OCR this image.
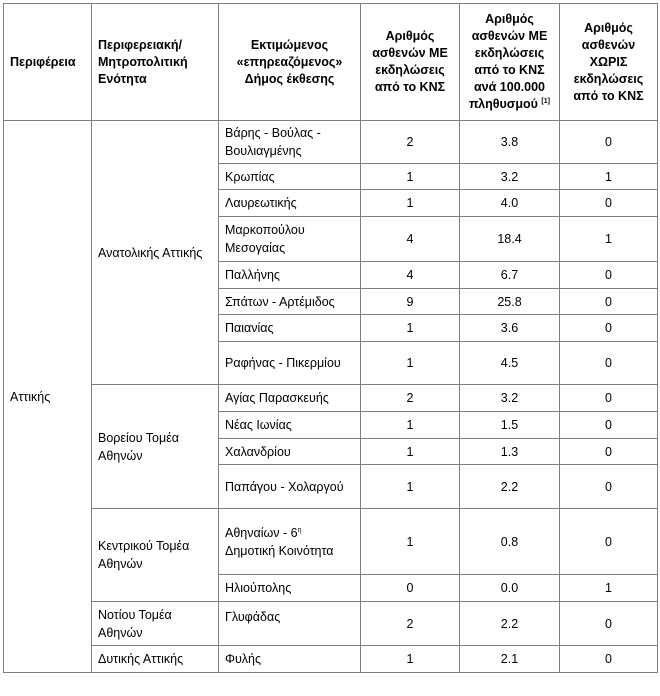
Περιφέρεια	Περιφερειακή/ Μητροπολιτική Ενότητα	Εκτιμώμενος «επηρεαζόμενος» Δήμος έκθεσης	Αριθμός ασθενών ΜΕ εκδηλώσεις από το ΚΝΣ	Αριθμός ασθενών ΜΕ εκδηλώσεις από το ΚΝΣ ανά 100.000 πληθυσμού [1]	Αριθμός ασθενών ΧΩΡΙΣ εκδηλώσεις από το ΚΝΣ
Αττικής	Ανατολικής Αττικής	Βάρης - Βούλας - Βουλιαγμένης	2	3.8	0
		Κρωπίας	1	3.2	1
		Λαυρεωτικής	1	4.0	0
		Μαρκοπούλου Μεσογαίας	4	18.4	1
		Παλλήνης	4	6.7	0
		Σπάτων - Αρτέμιδος	9	25.8	0
		Παιανίας	1	3.6	0
		Ραφήνας - Πικερμίου	1	4.5	0
	Βορείου Τομέα Αθηνών	Αγίας Παρασκευής	2	3.2	0
		Νέας Ιωνίας	1	1.5	0
		Χαλανδρίου	1	1.3	0
		Παπάγου - Χολαργού	1	2.2	0
	Κεντρικού Τομέα Αθηνών	Αθηναίων - $6^\eta$ Δημοτική Κοινότητα	1	0.8	0
		Ηλιούπολης	0	0.0	1
	Νοτίου Τομέα Αθηνών	Γλυφάδας	2	2.2	0
	Δυτικής Αττικής	Φυλής	1	2.1	0
